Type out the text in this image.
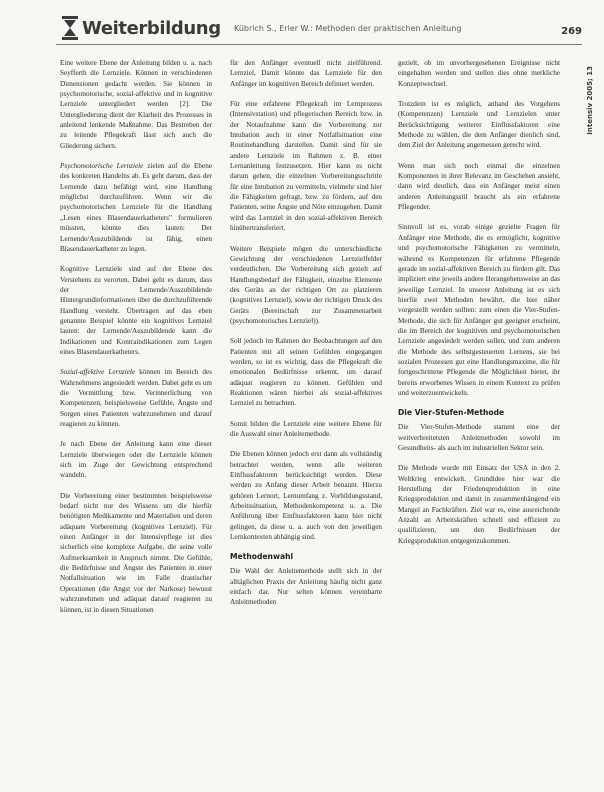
Weiterbildung Kübrich S., Erler W.: Methoden der praktischen Anleitung	269
Intensiv 2005; 13

Eine weitere Ebene der Anleitung bilden u. a. nach Seyfferth die Lernziele. Können in verschiedenen Dimensionen gedacht werden. Sie können in psychomotorische, sozial-affektive und in kognitive Lernziele untergliedert werden [2]. Die Untergliederung dient der Klarheit des Prozesses in anleitend lenkende Maßnahme. Das Bestreben der zu leitende Pflegekraft lässt sich auch die Gliederung sichern.

Psychomotorische Lernziele zielen auf die Ebene des konkreten Handelns ab. Es geht darum, dass der Lernende dazu befähigt wird, eine Handlung möglichst durchzuführen. Wenn wir die psychomotorischen Lernziele für die Handlung „Lesen eines Blasendauerkatheters" formulieren müssten, könnte dies lauten: Der Lernende/Auszubildende ist fähig, einen Blasendauerkatheter zu legen.

Kognitive Lernziele sind auf der Ebene des Verstehens zu verorten. Dabei geht es darum, dass der Lernende/Auszubildende Hintergrundinformationen über die durchzuführende Handlung versteht. Übertragen auf das eben genannte Beispiel könnte ein kognitives Lernziel lauten: der Lernende/Auszubildende kann die Indikationen und Kontraindikationen zum Legen eines Blasendauerkatheters.

Sozial-affektive Lernziele können im Bereich des Wahrnehmens angesiedelt werden. Dabei geht es um die Vermittlung bzw. Verinnerlichung von Kompetenzen, beispielsweise Gefühle, Ängste und Sorgen eines Patienten wahrzunehmen und darauf reagieren zu können.

Je nach Ebene der Anleitung kann eine dieser Lernziele überwiegen oder die Lernziele können sich im Zuge der Gewichtung entsprechend wandeln.

Die Vorbereitung einer bestimmten beispielsweise bedarf nicht nur des Wissens um die hierfür benötigten Medikamente und Materialien und deren adäquate Vorbereitung (kognitives Lernziel). Für einen Anfänger in der Intensivpflege ist dies sicherlich eine komplexe Aufgabe, die seine volle Aufmerksamkeit in Anspruch nimmt. Die Gefühle, die Bedürfnisse und Ängste des Patienten in einer Notfallsituation wie im Falle drastischer Operationen (die Angst vor der Narkose) bewusst wahrzunehmen und adäquat darauf reagieren zu können, ist in diesen Situationen

für den Anfänger eventuell nicht zielführend. Lernziel, Damit könnte das Lernziele für den Anfänger im kognitiven Bereich definiert werden.

Für eine erfahrene Pflegekraft im Lernprozess (Intensivstation) und pflegerischen Bereich bzw. in der Notaufnahme kann die Vorbereitung zur Intubation auch in einer Notfallsituation eine Routinehandlung darstellen. Damit sind für sie andere Lernziele im Rahmen z. B. einer Lernanleitung festzusetzen. Hier kann es nicht darum gehen, die einzelnen Vorbereitungsschritte für eine Intubation zu vermitteln, vielmehr sind hier die Fähigkeiten gefragt, bzw. zu fördern, auf den Patienten, seine Ängste und Nöte einzugehen. Damit wird das Lernziel in den sozial-affektiven Bereich hinübertransferiert.

Weitere Beispiele mögen die unterschiedliche Gewichtung der verschiedenen Lernzielfelder verdeutlichen. Die Vorbereitung sich gezielt auf Handlungsbedarf der Fähigkeit, einzelne Elemente des Geräts an der richtigen Ort zu platzieren (kognitives Lernziel), sowie der richtigen Druck des Geräts (Bereitschaft zur Zusammenarbeit (psychomotorisches Lernziel)).

Soll jedoch im Rahmen der Beobachtungen auf den Patienten mit all seinen Gefühlen eingegangen werden, so ist es wichtig, dass die Pflegekraft die emotionalen Bedürfnisse erkennt, um darauf adäquat reagieren zu können. Gefühlen und Reaktionen wären hierbei als sozial-affektives Lernziel zu betrachten.

Somit bilden die Lernziele eine weitere Ebene für die Auswahl einer Anleitemethode.

Die Ebenen können jedoch erst dann als vollständig betrachtet werden, wenn alle weiteren Einflussfaktoren berücksichtigt werden. Diese werden zu Anfang dieser Arbeit benannt. Hierzu gehören Lernort, Lernumfang z. Vorbildungsstand, Arbeitssituation, Methodenkompetenz u. a. Die Anführung über Einflussfaktoren kann hier nicht gelingen, da diese u. a. auch von den jeweiligen Lernkontexten abhängig sind.

Methodenwahl

Die Wahl der Anleitemethode stellt sich in der alltäglichen Praxis der Anleitung häufig nicht ganz einfach dar. Nur selten können vereinbarte Anleitmethoden

gezielt, ob im unvorhergesehenen Ereignisse nicht eingehalten werden und stellen dies ohne merkliche Konzeptwechsel.

Trotzdem ist es möglich, anhand des Vorgehens (Kompetenzen) Lernziele und Lernzielen unter Berücksichtigung weiterer Einflussfaktoren eine Methode zu wählen, die dem Anfänger dienlich sind, dem Ziel der Anleitung angemessen gerecht wird.

Wenn man sich noch einmal die einzelnen Komponenten in ihrer Relevanz im Geschehen ansieht, dann wird deutlich, dass ein Anfänger meist einen anderen Anleitungsstil braucht als ein erfahrene Pflegender.

Sinnvoll ist es, vorab einige gezielte Fragen für Anfänger eine Methode, die es ermöglicht, kognitive und psychomotorische Fähigkeiten zu vermitteln, während es Kompetenzen für erfahrene Pflegende gerade im sozial-affektiven Bereich zu fördern gilt. Das impliziert eine jeweils andere Herangehensweise an das jeweilige Lernziel. In unserer Anleitung ist es sich hierfür zwei Methoden bewährt, die hier näher vorgestellt werden sollten: zum einen die Vier-Stufen-Methode, die sich für Anfänger gut geeignet erscheint, die im Bereich der kognitiven und psychomotorischen Lernziele angesiedelt werden sollen, und zum anderen die Methode des selbstgesteuerten Lernens, sie bei sozialen Prozessen gut eine Handlungsmaxime, die für fortgeschrittene Pflegende die Möglichkeit bietet, ihr bereits erworbenes Wissen in einem Kontext zu prüfen und weiterzuentwickeln.

Die Vier-Stufen-Methode

Die Vier-Stufen-Methode stammt eine der weitverbreitetsten Anleitmethoden sowohl im Gesundheits- als auch im industriellen Sektor sein.

Die Methode wurde mit Einsatz der USA in den 2. Weltkrieg entwickelt. Grundidee hier war die Herstellung der Friedensproduktion in eine Kriegsproduktion und damit in zusammenhängend ein Mangel an Fachkräften. Ziel war es, eine ausreichende Anzahl an Arbeitskräften schnell und effizient zu qualifizieren, um den Bedürfnissen der Kriegsproduktion entgegenzukommen.
